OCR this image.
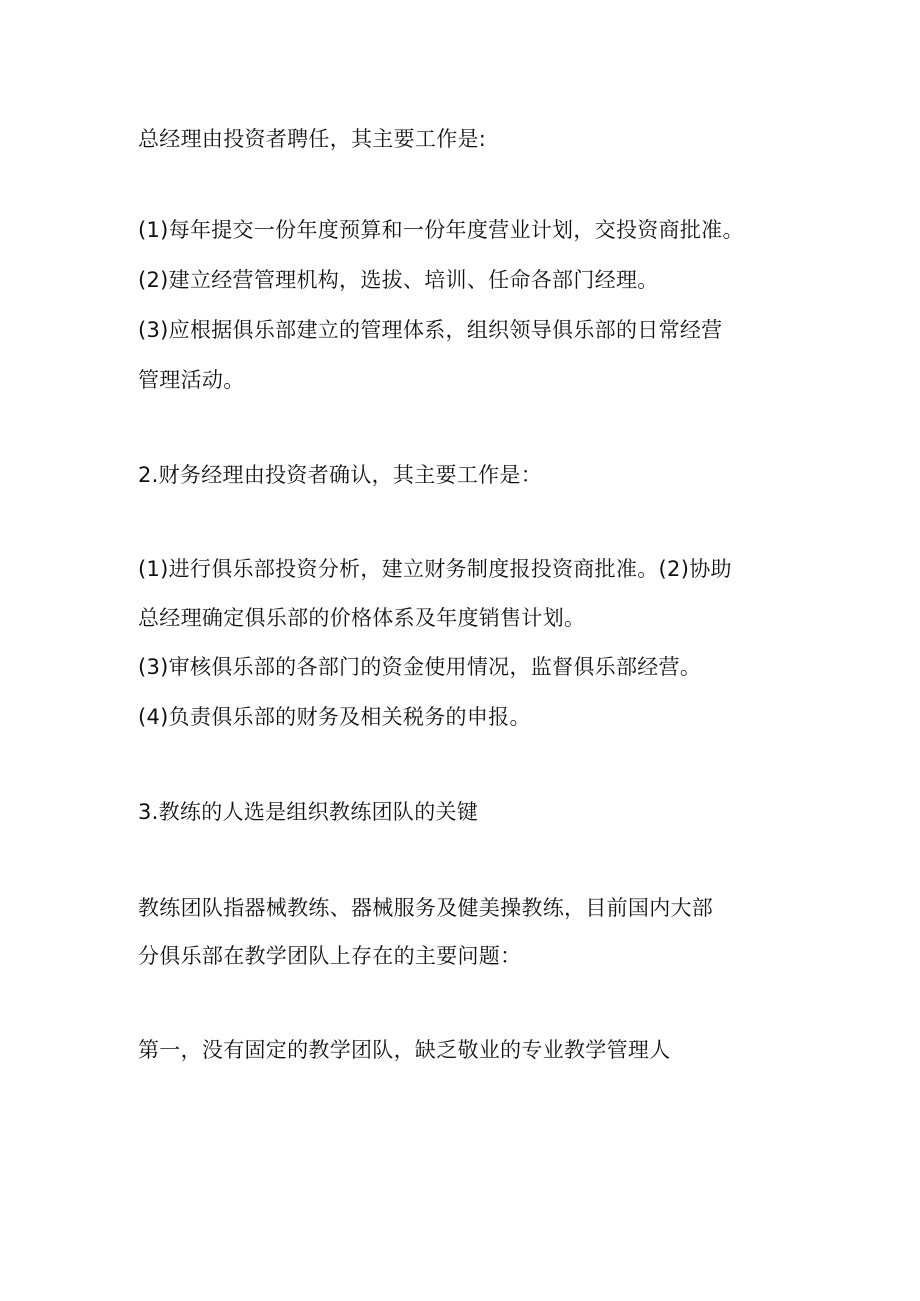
总经理由投资者聘任，其主要工作是:
(1)每年提交一份年度预算和一份年度营业计划，交投资商批准。
(2)建立经营管理机构，选拔、培训、任命各部门经理。
(3)应根据俱乐部建立的管理体系，组织领导俱乐部的日常经营
管理活动。
2.财务经理由投资者确认，其主要工作是：
(1)进行俱乐部投资分析，建立财务制度报投资商批准。(2)协助
总经理确定俱乐部的价格体系及年度销售计划。
(3)审核俱乐部的各部门的资金使用情况，监督俱乐部经营。
(4)负责俱乐部的财务及相关税务的申报。
3.教练的人选是组织教练团队的关键
教练团队指器械教练、器械服务及健美操教练，目前国内大部
分俱乐部在教学团队上存在的主要问题：
第一，没有固定的教学团队，缺乏敬业的专业教学管理人
